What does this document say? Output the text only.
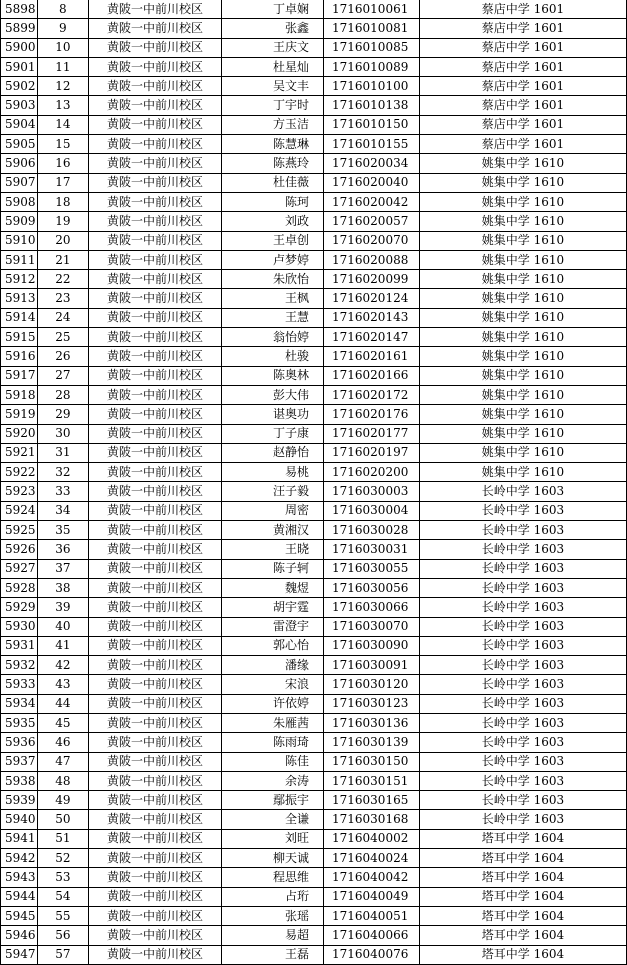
5898	8	黄陂一中前川校区	丁卓娴	1716010061	蔡店中学 1601
5899	9	黄陂一中前川校区	张鑫	1716010081	蔡店中学 1601
5900	10	黄陂一中前川校区	王庆文	1716010085	蔡店中学 1601
5901	11	黄陂一中前川校区	杜星灿	1716010089	蔡店中学 1601
5902	12	黄陂一中前川校区	吴文丰	1716010100	蔡店中学 1601
5903	13	黄陂一中前川校区	丁宇时	1716010138	蔡店中学 1601
5904	14	黄陂一中前川校区	方玉洁	1716010150	蔡店中学 1601
5905	15	黄陂一中前川校区	陈慧琳	1716010155	蔡店中学 1601
5906	16	黄陂一中前川校区	陈燕玲	1716020034	姚集中学 1610
5907	17	黄陂一中前川校区	杜佳薇	1716020040	姚集中学 1610
5908	18	黄陂一中前川校区	陈珂	1716020042	姚集中学 1610
5909	19	黄陂一中前川校区	刘政	1716020057	姚集中学 1610
5910	20	黄陂一中前川校区	王卓创	1716020070	姚集中学 1610
5911	21	黄陂一中前川校区	卢梦婷	1716020088	姚集中学 1610
5912	22	黄陂一中前川校区	朱欣怡	1716020099	姚集中学 1610
5913	23	黄陂一中前川校区	王枫	1716020124	姚集中学 1610
5914	24	黄陂一中前川校区	王慧	1716020143	姚集中学 1610
5915	25	黄陂一中前川校区	翁怡婷	1716020147	姚集中学 1610
5916	26	黄陂一中前川校区	杜骏	1716020161	姚集中学 1610
5917	27	黄陂一中前川校区	陈奥林	1716020166	姚集中学 1610
5918	28	黄陂一中前川校区	彭大伟	1716020172	姚集中学 1610
5919	29	黄陂一中前川校区	谌奥功	1716020176	姚集中学 1610
5920	30	黄陂一中前川校区	丁子康	1716020177	姚集中学 1610
5921	31	黄陂一中前川校区	赵静怡	1716020197	姚集中学 1610
5922	32	黄陂一中前川校区	易桃	1716020200	姚集中学 1610
5923	33	黄陂一中前川校区	汪子毅	1716030003	长岭中学 1603
5924	34	黄陂一中前川校区	周密	1716030004	长岭中学 1603
5925	35	黄陂一中前川校区	黄湘汉	1716030028	长岭中学 1603
5926	36	黄陂一中前川校区	王晓	1716030031	长岭中学 1603
5927	37	黄陂一中前川校区	陈子轲	1716030055	长岭中学 1603
5928	38	黄陂一中前川校区	魏煜	1716030056	长岭中学 1603
5929	39	黄陂一中前川校区	胡宇霆	1716030066	长岭中学 1603
5930	40	黄陂一中前川校区	雷澄宇	1716030070	长岭中学 1603
5931	41	黄陂一中前川校区	郭心怡	1716030090	长岭中学 1603
5932	42	黄陂一中前川校区	潘缘	1716030091	长岭中学 1603
5933	43	黄陂一中前川校区	宋浪	1716030120	长岭中学 1603
5934	44	黄陂一中前川校区	许依婷	1716030123	长岭中学 1603
5935	45	黄陂一中前川校区	朱雁茜	1716030136	长岭中学 1603
5936	46	黄陂一中前川校区	陈雨琦	1716030139	长岭中学 1603
5937	47	黄陂一中前川校区	陈佳	1716030150	长岭中学 1603
5938	48	黄陂一中前川校区	余涛	1716030151	长岭中学 1603
5939	49	黄陂一中前川校区	鄢振宇	1716030165	长岭中学 1603
5940	50	黄陂一中前川校区	全谦	1716030168	长岭中学 1603
5941	51	黄陂一中前川校区	刘旺	1716040002	塔耳中学 1604
5942	52	黄陂一中前川校区	柳天诚	1716040024	塔耳中学 1604
5943	53	黄陂一中前川校区	程思维	1716040042	塔耳中学 1604
5944	54	黄陂一中前川校区	占珩	1716040049	塔耳中学 1604
5945	55	黄陂一中前川校区	张瑶	1716040051	塔耳中学 1604
5946	56	黄陂一中前川校区	易超	1716040066	塔耳中学 1604
5947	57	黄陂一中前川校区	王磊	1716040076	塔耳中学 1604
